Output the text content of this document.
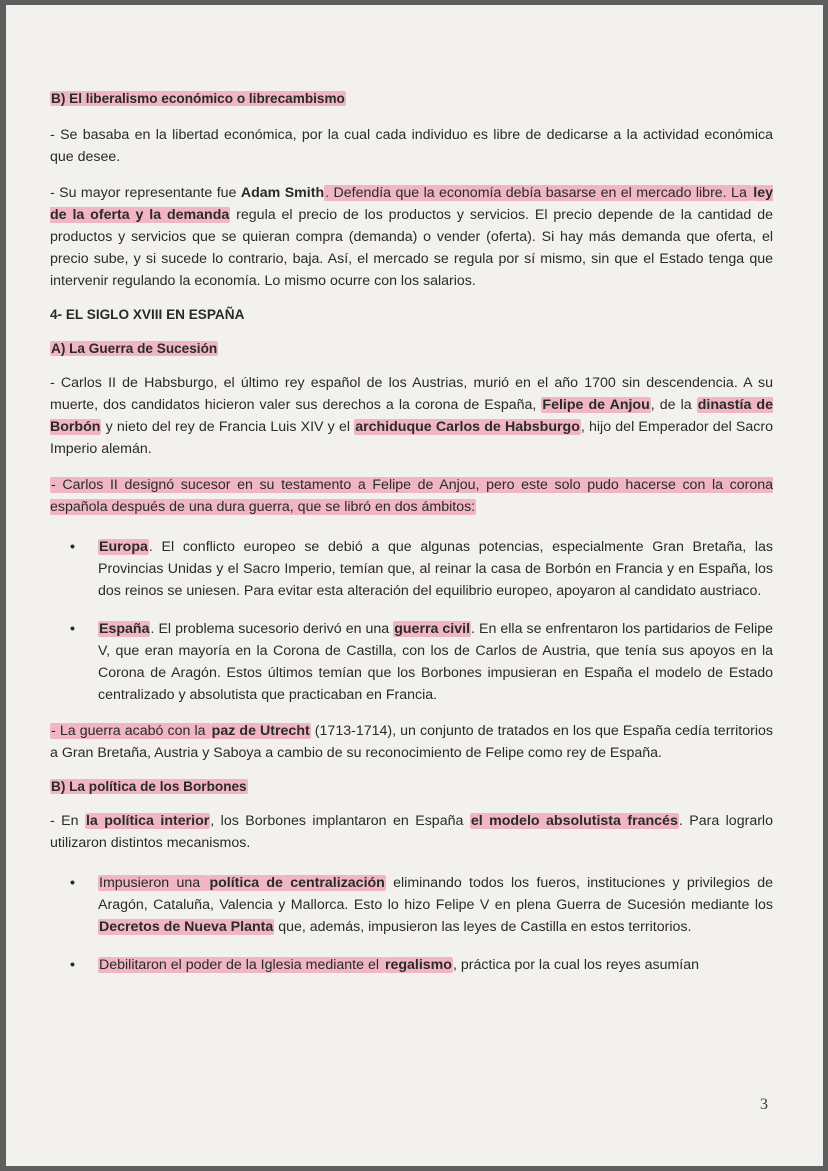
B) El liberalismo económico o librecambismo

- Se basaba en la libertad económica, por la cual cada individuo es libre de dedicarse a la actividad económica que desee.

- Su mayor representante fue Adam Smith. Defendía que la economía debía basarse en el mercado libre. La ley de la oferta y la demanda regula el precio de los productos y servicios. El precio depende de la cantidad de productos y servicios que se quieran compra (demanda) o vender (oferta). Si hay más demanda que oferta, el precio sube, y si sucede lo contrario, baja. Así, el mercado se regula por sí mismo, sin que el Estado tenga que intervenir regulando la economía. Lo mismo ocurre con los salarios.

4- EL SIGLO XVIII EN ESPAÑA
A) La Guerra de Sucesión

- Carlos II de Habsburgo, el último rey español de los Austrias, murió en el año 1700 sin descendencia. A su muerte, dos candidatos hicieron valer sus derechos a la corona de España, Felipe de Anjou, de la dinastía de Borbón y nieto del rey de Francia Luis XIV y el archiduque Carlos de Habsburgo, hijo del Emperador del Sacro Imperio alemán.

- Carlos II designó sucesor en su testamento a Felipe de Anjou, pero este solo pudo hacerse con la corona española después de una dura guerra, que se libró en dos ámbitos:

• Europa. El conflicto europeo se debió a que algunas potencias, especialmente Gran Bretaña, las Provincias Unidas y el Sacro Imperio, temían que, al reinar la casa de Borbón en Francia y en España, los dos reinos se uniesen. Para evitar esta alteración del equilibrio europeo, apoyaron al candidato austriaco.
• España. El problema sucesorio derivó en una guerra civil. En ella se enfrentaron los partidarios de Felipe V, que eran mayoría en la Corona de Castilla, con los de Carlos de Austria, que tenía sus apoyos en la Corona de Aragón. Estos últimos temían que los Borbones impusieran en España el modelo de Estado centralizado y absolutista que practicaban en Francia.

- La guerra acabó con la paz de Utrecht (1713-1714), un conjunto de tratados en los que España cedía territorios a Gran Bretaña, Austria y Saboya a cambio de su reconocimiento de Felipe como rey de España.

B) La política de los Borbones

- En la política interior, los Borbones implantaron en España el modelo absolutista francés. Para lograrlo utilizaron distintos mecanismos.

• Impusieron una política de centralización eliminando todos los fueros, instituciones y privilegios de Aragón, Cataluña, Valencia y Mallorca. Esto lo hizo Felipe V en plena Guerra de Sucesión mediante los Decretos de Nueva Planta que, además, impusieron las leyes de Castilla en estos territorios.
• Debilitaron el poder de la Iglesia mediante el regalismo, práctica por la cual los reyes asumían
3
